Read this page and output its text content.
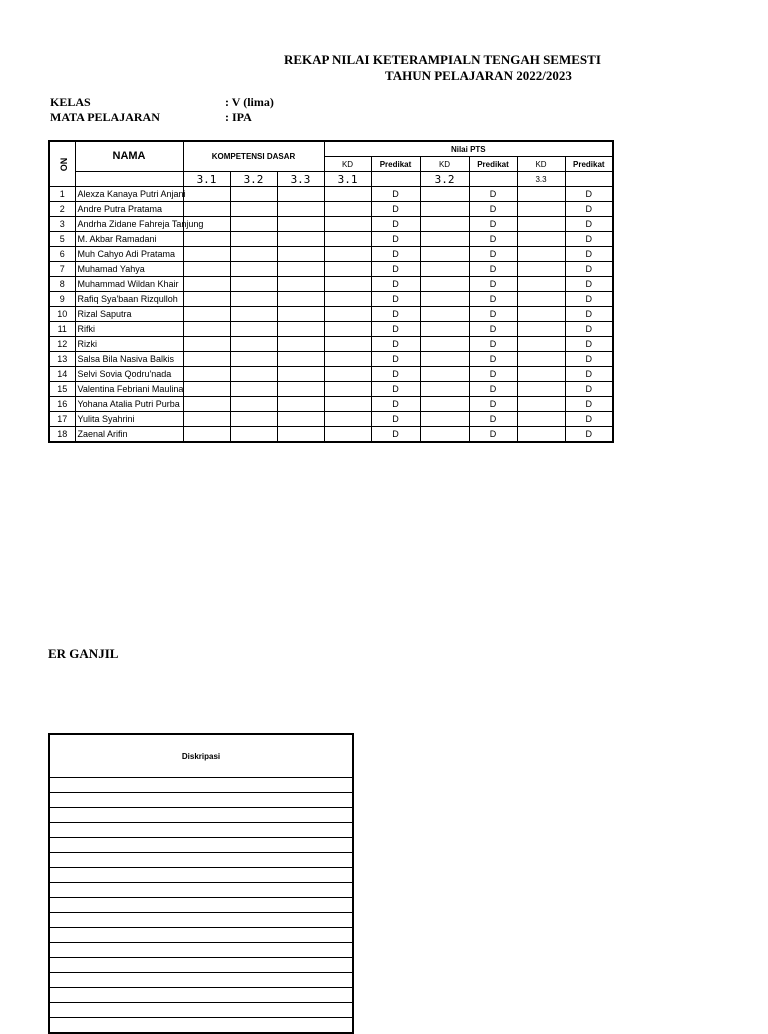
REKAP NILAI KETERAMPIALN TENGAH SEMESTI
TAHUN PELAJARAN 2022/2023
KELAS	: V (lima)
MATA PELAJARAN	: IPA
NO	NAMA	KOMPETENSI DASAR			Nilai PTS					
					KD	Predikat	KD	Predikat	KD	Predikat
		3.1	3.2	3.3	3.1		3.2		3.3	
1	Alexza Kanaya Putri Anjani					D		D		D
2	Andre Putra Pratama					D		D		D
3	Andrha Zidane Fahreja Tanjung					D		D		D
5	M. Akbar Ramadani					D		D		D
6	Muh Cahyo Adi Pratama					D		D		D
7	Muhamad Yahya					D		D		D
8	Muhammad Wildan Khair					D		D		D
9	Rafiq Sya'baan Rizqulloh					D		D		D
10	Rizal Saputra					D		D		D
11	Rifki					D		D		D
12	Rizki					D		D		D
13	Salsa Bila Nasiva Balkis					D		D		D
14	Selvi Sovia Qodru'nada					D		D		D
15	Valentina Febriani Maulina					D		D		D
16	Yohana Atalia Putri Purba					D		D		D
17	Yulita Syahrini					D		D		D
18	Zaenal Arifin					D		D		D
ER GANJIL
Diskripasi
